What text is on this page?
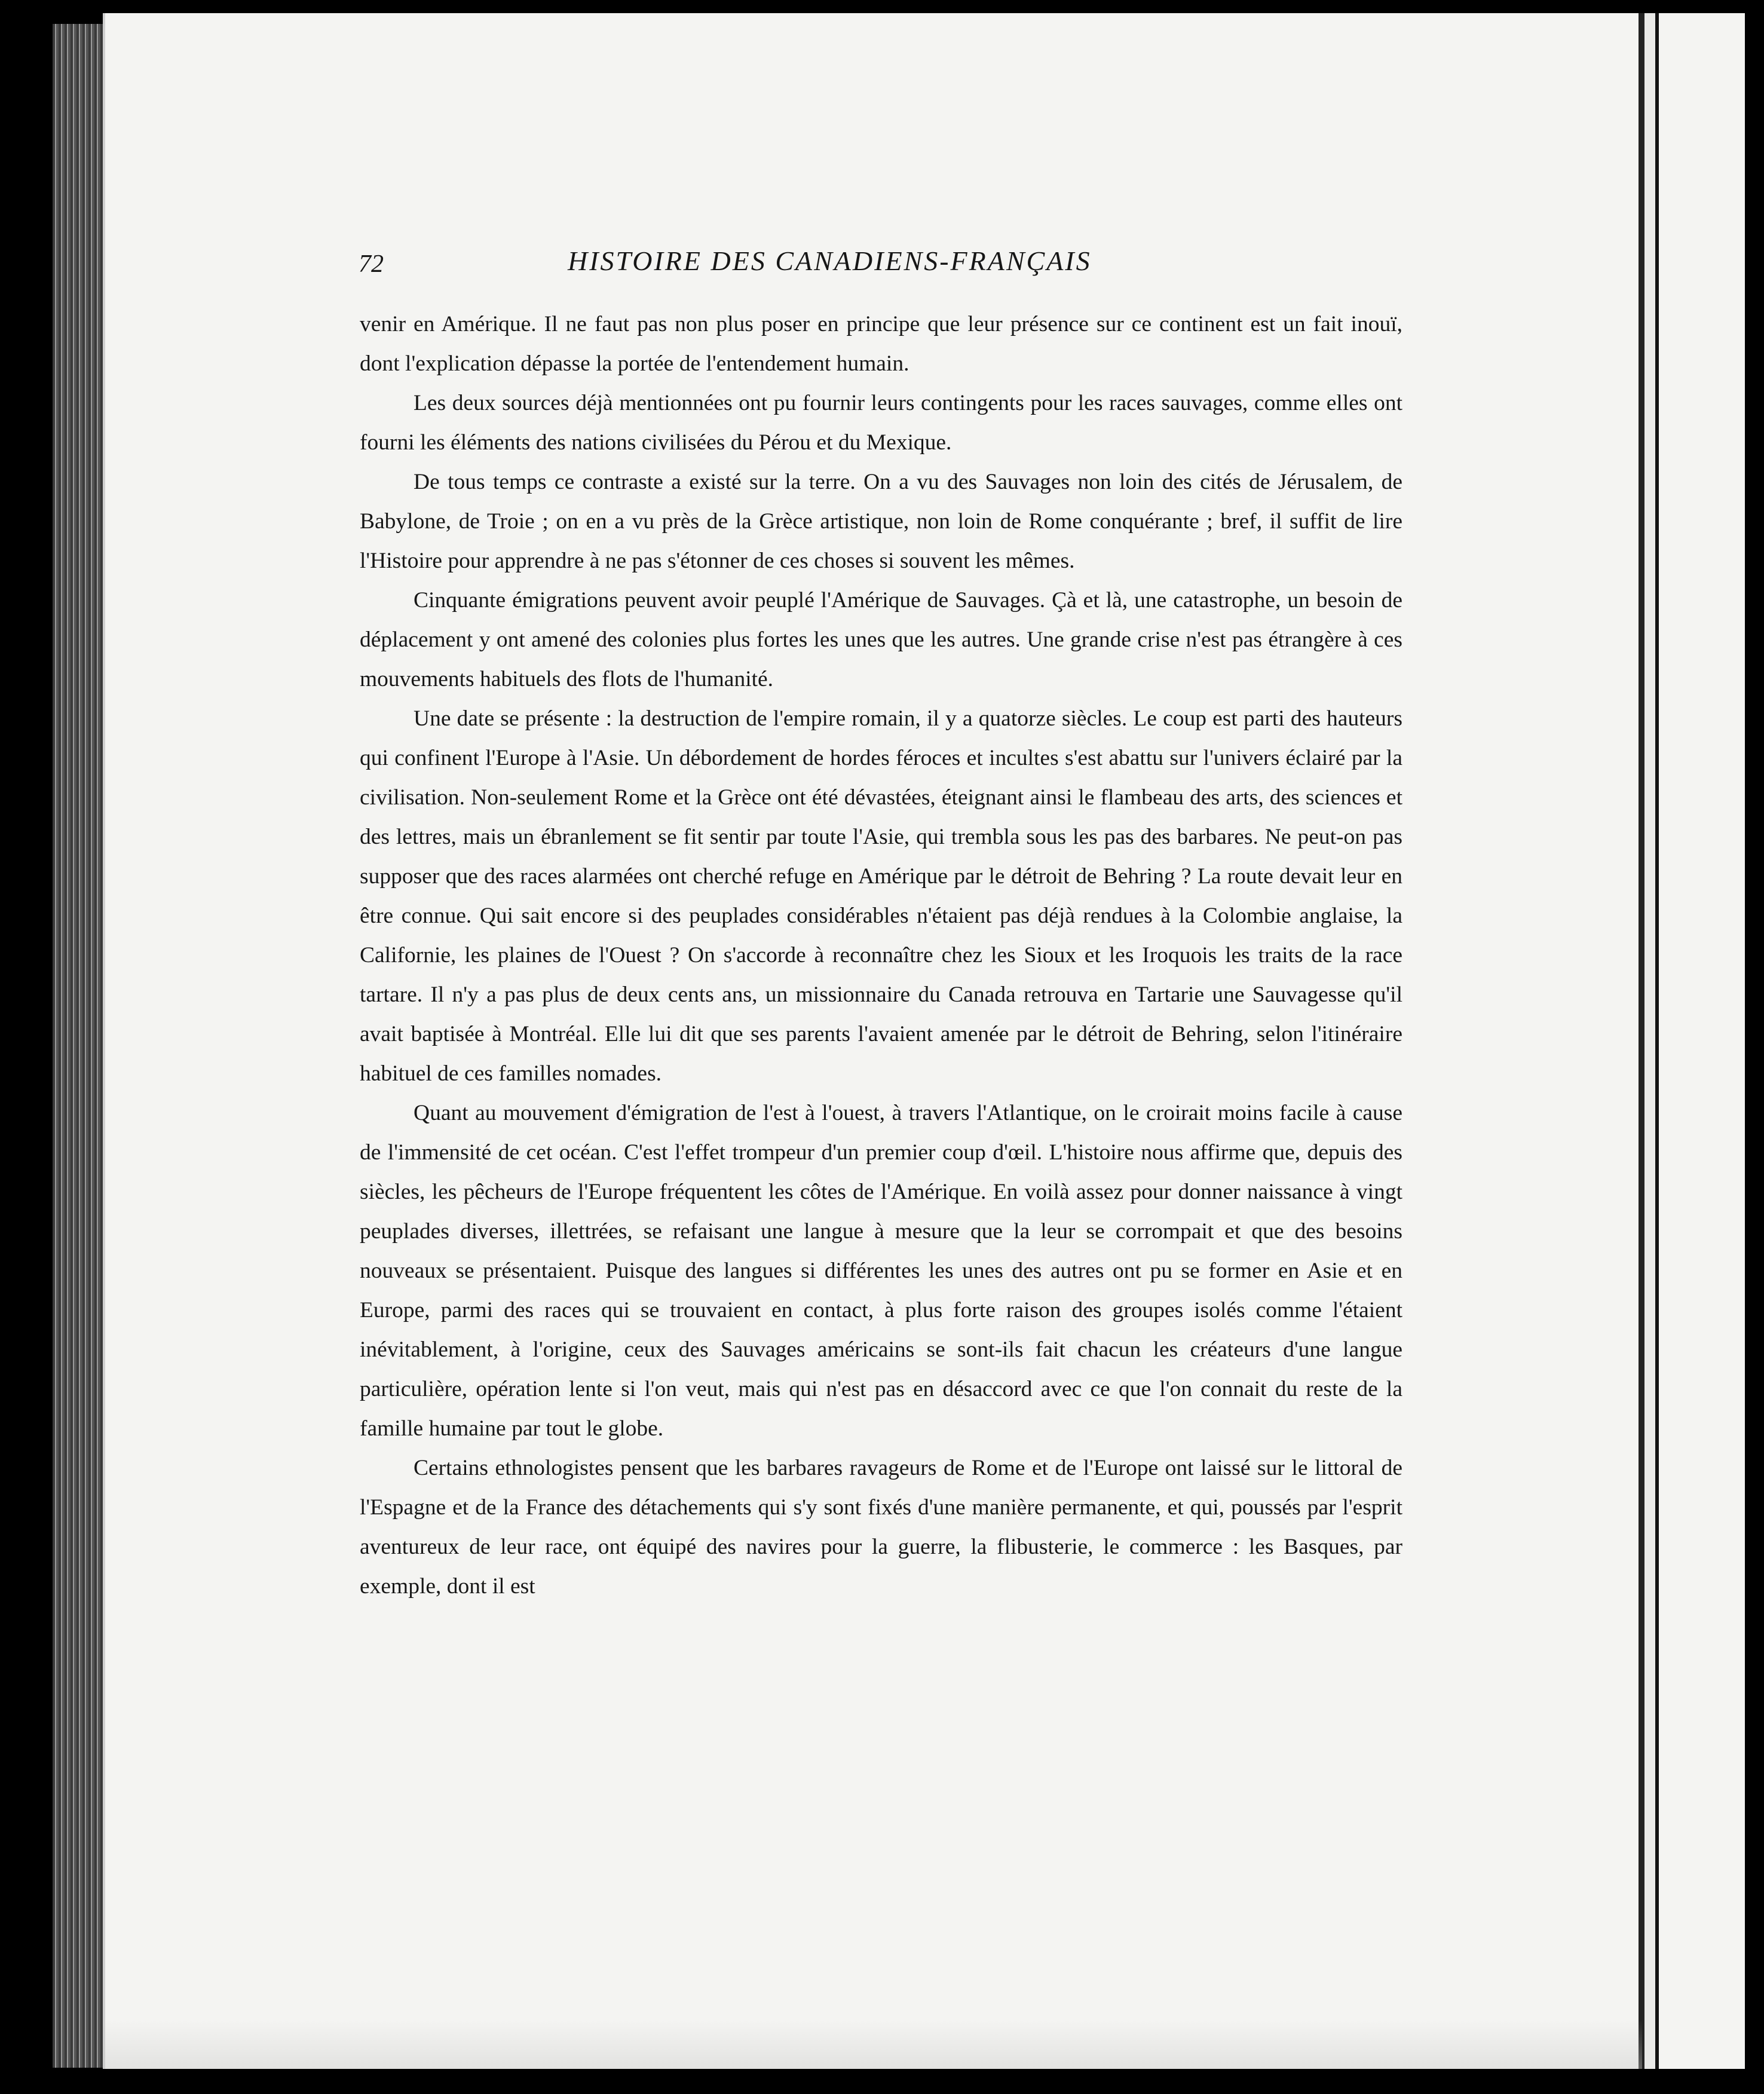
72	HISTOIRE DES CANADIENS-FRANÇAIS

venir en Amérique. Il ne faut pas non plus poser en principe que leur présence sur ce continent est un fait inouï, dont l'explication dépasse la portée de l'entendement humain.

Les deux sources déjà mentionnées ont pu fournir leurs contingents pour les races sauvages, comme elles ont fourni les éléments des nations civilisées du Pérou et du Mexique.

De tous temps ce contraste a existé sur la terre. On a vu des Sauvages non loin des cités de Jérusalem, de Babylone, de Troie ; on en a vu près de la Grèce artistique, non loin de Rome conquérante ; bref, il suffit de lire l'Histoire pour apprendre à ne pas s'étonner de ces choses si souvent les mêmes.

Cinquante émigrations peuvent avoir peuplé l'Amérique de Sauvages. Çà et là, une catastrophe, un besoin de déplacement y ont amené des colonies plus fortes les unes que les autres. Une grande crise n'est pas étrangère à ces mouvements habituels des flots de l'humanité.

Une date se présente : la destruction de l'empire romain, il y a quatorze siècles. Le coup est parti des hauteurs qui confinent l'Europe à l'Asie. Un débordement de hordes féroces et incultes s'est abattu sur l'univers éclairé par la civilisation. Non-seulement Rome et la Grèce ont été dévastées, éteignant ainsi le flambeau des arts, des sciences et des lettres, mais un ébranlement se fit sentir par toute l'Asie, qui trembla sous les pas des barbares. Ne peut-on pas supposer que des races alarmées ont cherché refuge en Amérique par le détroit de Behring ? La route devait leur en être connue. Qui sait encore si des peuplades considérables n'étaient pas déjà rendues à la Colombie anglaise, la Californie, les plaines de l'Ouest ? On s'accorde à reconnaître chez les Sioux et les Iroquois les traits de la race tartare. Il n'y a pas plus de deux cents ans, un missionnaire du Canada retrouva en Tartarie une Sauvagesse qu'il avait baptisée à Montréal. Elle lui dit que ses parents l'avaient amenée par le détroit de Behring, selon l'itinéraire habituel de ces familles nomades.

Quant au mouvement d'émigration de l'est à l'ouest, à travers l'Atlantique, on le croirait moins facile à cause de l'immensité de cet océan. C'est l'effet trompeur d'un premier coup d'œil. L'histoire nous affirme que, depuis des siècles, les pêcheurs de l'Europe fréquentent les côtes de l'Amérique. En voilà assez pour donner naissance à vingt peuplades diverses, illettrées, se refaisant une langue à mesure que la leur se corrompait et que des besoins nouveaux se présentaient. Puisque des langues si différentes les unes des autres ont pu se former en Asie et en Europe, parmi des races qui se trouvaient en contact, à plus forte raison des groupes isolés comme l'étaient inévitablement, à l'origine, ceux des Sauvages américains se sont-ils fait chacun les créateurs d'une langue particulière, opération lente si l'on veut, mais qui n'est pas en désaccord avec ce que l'on connait du reste de la famille humaine par tout le globe.

Certains ethnologistes pensent que les barbares ravageurs de Rome et de l'Europe ont laissé sur le littoral de l'Espagne et de la France des détachements qui s'y sont fixés d'une manière permanente, et qui, poussés par l'esprit aventureux de leur race, ont équipé des navires pour la guerre, la flibusterie, le commerce : les Basques, par exemple, dont il est
